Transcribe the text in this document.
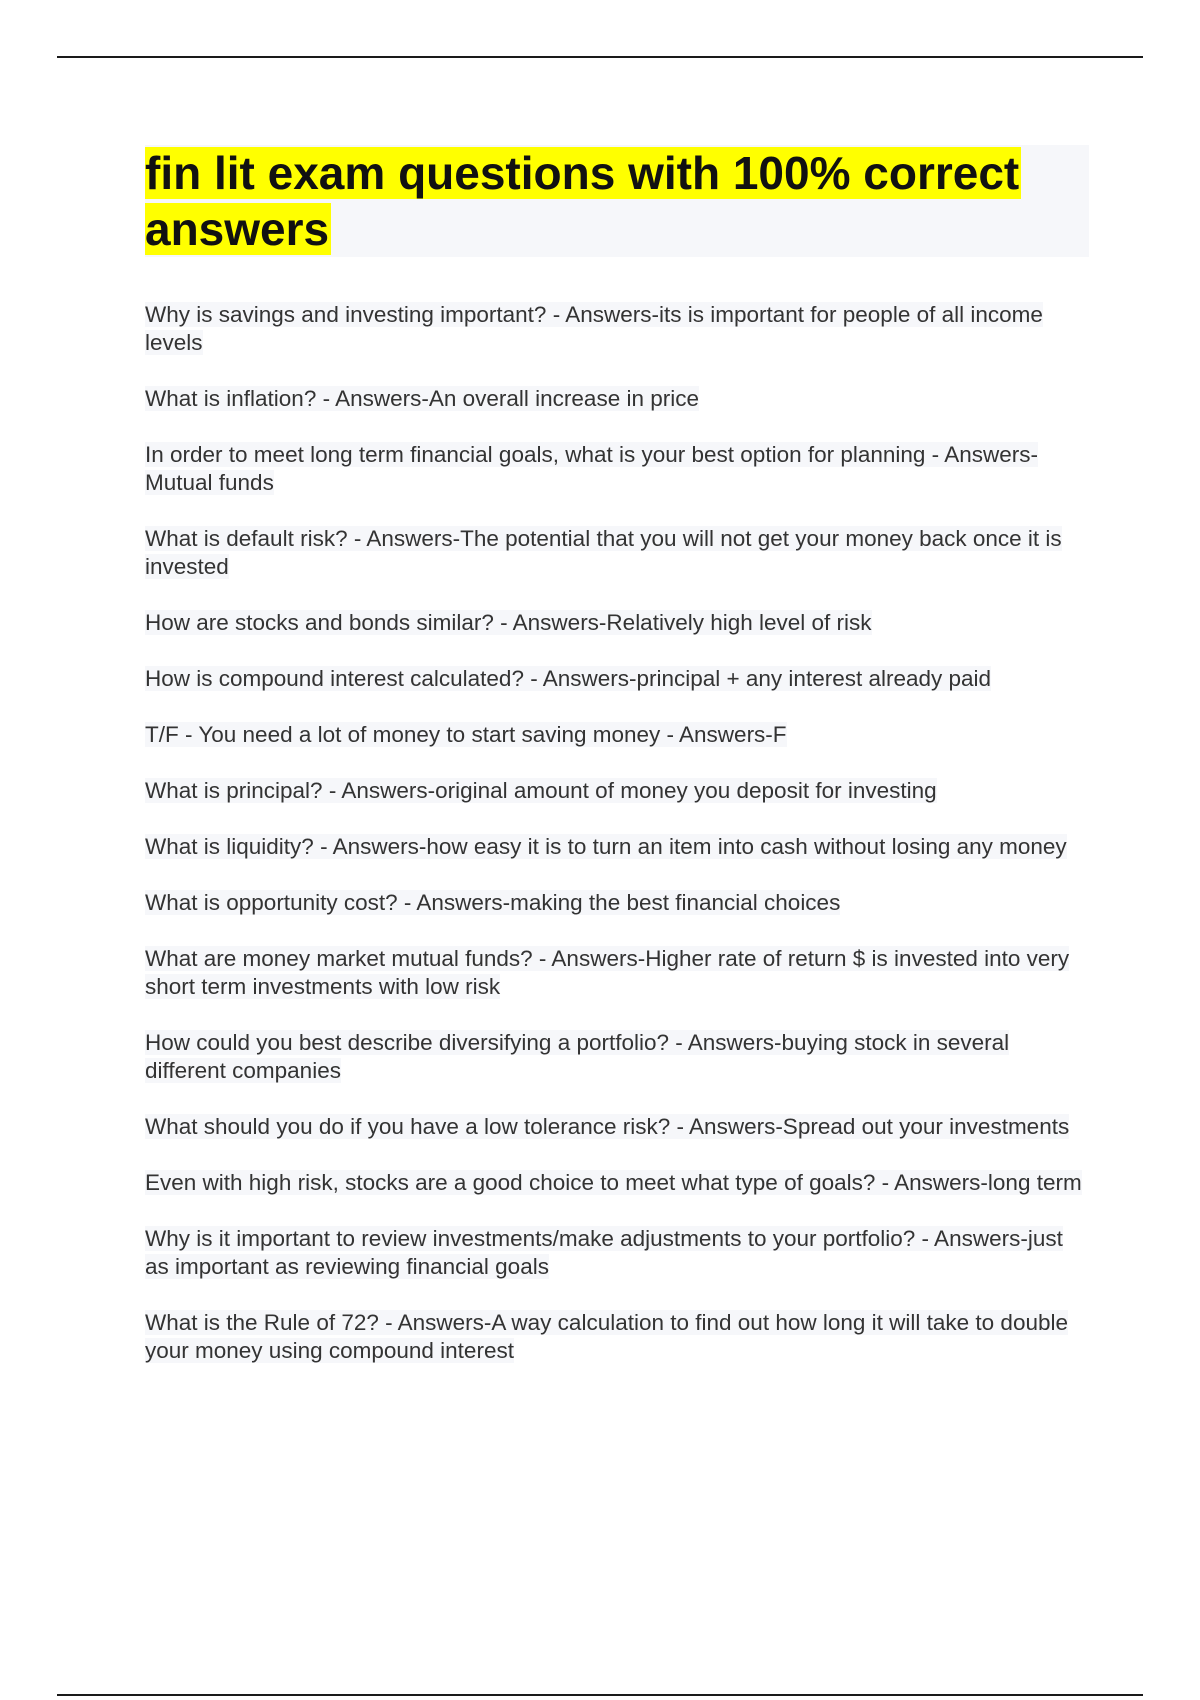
fin lit exam questions with 100% correct answers

Why is savings and investing important? - Answers-its is important for people of all income levels

What is inflation? - Answers-An overall increase in price

In order to meet long term financial goals, what is your best option for planning - Answers-Mutual funds

What is default risk? - Answers-The potential that you will not get your money back once it is invested

How are stocks and bonds similar? - Answers-Relatively high level of risk

How is compound interest calculated? - Answers-principal + any interest already paid

T/F - You need a lot of money to start saving money - Answers-F

What is principal? - Answers-original amount of money you deposit for investing

What is liquidity? - Answers-how easy it is to turn an item into cash without losing any money

What is opportunity cost? - Answers-making the best financial choices

What are money market mutual funds? - Answers-Higher rate of return $ is invested into very short term investments with low risk

How could you best describe diversifying a portfolio? - Answers-buying stock in several different companies

What should you do if you have a low tolerance risk? - Answers-Spread out your investments

Even with high risk, stocks are a good choice to meet what type of goals? - Answers-long term

Why is it important to review investments/make adjustments to your portfolio? - Answers-just as important as reviewing financial goals

What is the Rule of 72? - Answers-A way calculation to find out how long it will take to double your money using compound interest
